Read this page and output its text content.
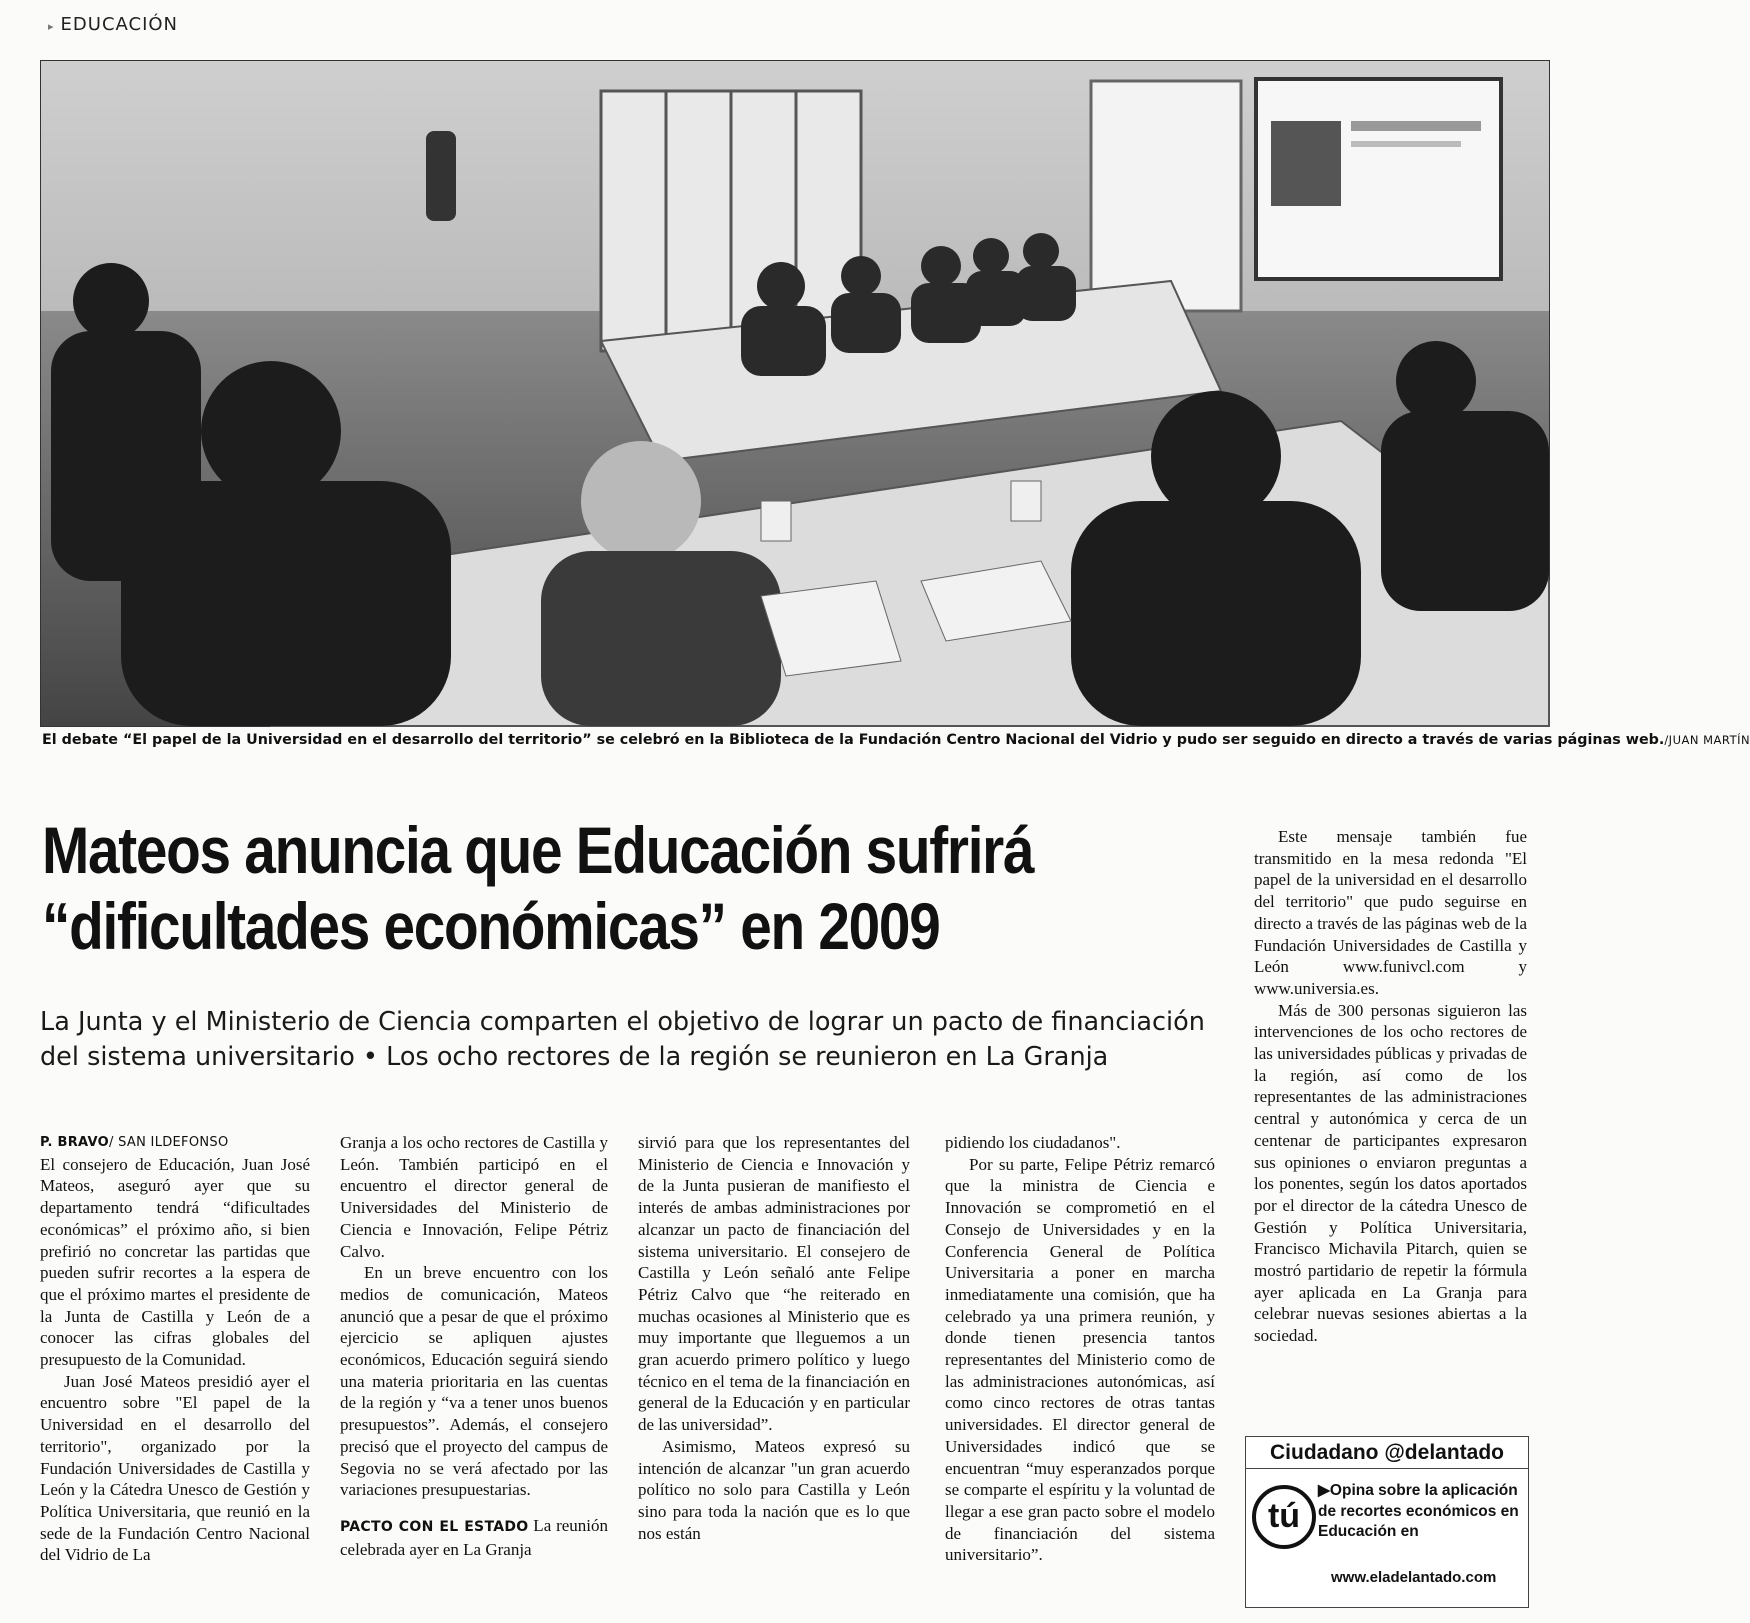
▸ EDUCACIÓN
El debate “El papel de la Universidad en el desarrollo del territorio” se celebró en la Biblioteca de la Fundación Centro Nacional del Vidrio y pudo ser seguido en directo a través de varias páginas web./JUAN MARTÍN
Mateos anuncia que Educación sufrirá
“dificultades económicas” en 2009

La Junta y el Ministerio de Ciencia comparten el objetivo de lograr un pacto de financiación del sistema universitario • Los ocho rectores de la región se reunieron en La Granja

P. BRAVO/ SAN ILDEFONSO

El consejero de Educación, Juan José Mateos, aseguró ayer que su departamento tendrá “dificultades económicas” el próximo año, si bien prefirió no concretar las partidas que pueden sufrir recortes a la espera de que el próximo martes el presidente de la Junta de Castilla y León de a conocer las cifras globales del presupuesto de la Comunidad.

Juan José Mateos presidió ayer el encuentro sobre "El papel de la Universidad en el desarrollo del territorio", organizado por la Fundación Universidades de Castilla y León y la Cátedra Unesco de Gestión y Política Universitaria, que reunió en la sede de la Fundación Centro Nacional del Vidrio de La

Granja a los ocho rectores de Castilla y León. También participó en el encuentro el director general de Universidades del Ministerio de Ciencia e Innovación, Felipe Pétriz Calvo.

En un breve encuentro con los medios de comunicación, Mateos anunció que a pesar de que el próximo ejercicio se apliquen ajustes económicos, Educación seguirá siendo una materia prioritaria en las cuentas de la región y “va a tener unos buenos presupuestos”. Además, el consejero precisó que el proyecto del campus de Segovia no se verá afectado por las variaciones presupuestarias.

PACTO CON EL ESTADO La reunión celebrada ayer en La Granja

sirvió para que los representantes del Ministerio de Ciencia e Innovación y de la Junta pusieran de manifiesto el interés de ambas administraciones por alcanzar un pacto de financiación del sistema universitario. El consejero de Castilla y León señaló ante Felipe Pétriz Calvo que “he reiterado en muchas ocasiones al Ministerio que es muy importante que lleguemos a un gran acuerdo primero político y luego técnico en el tema de la financiación en general de la Educación y en particular de las universidad”.

Asimismo, Mateos expresó su intención de alcanzar "un gran acuerdo político no solo para Castilla y León sino para toda la nación que es lo que nos están

pidiendo los ciudadanos".

Por su parte, Felipe Pétriz remarcó que la ministra de Ciencia e Innovación se comprometió en el Consejo de Universidades y en la Conferencia General de Política Universitaria a poner en marcha inmediatamente una comisión, que ha celebrado ya una primera reunión, y donde tienen presencia tantos representantes del Ministerio como de las administraciones autonómicas, así como cinco rectores de otras tantas universidades. El director general de Universidades indicó que se encuentran “muy esperanzados porque se comparte el espíritu y la voluntad de llegar a ese gran pacto sobre el modelo de financiación del sistema universitario”.

Este mensaje también fue transmitido en la mesa redonda "El papel de la universidad en el desarrollo del territorio" que pudo seguirse en directo a través de las páginas web de la Fundación Universidades de Castilla y León www.funivcl.com y www.universia.es.

Más de 300 personas siguieron las intervenciones de los ocho rectores de las universidades públicas y privadas de la región, así como de los representantes de las administraciones central y autonómica y cerca de un centenar de participantes expresaron sus opiniones o enviaron preguntas a los ponentes, según los datos aportados por el director de la cátedra Unesco de Gestión y Política Universitaria, Francisco Michavila Pitarch, quien se mostró partidario de repetir la fórmula ayer aplicada en La Granja para celebrar nuevas sesiones abiertas a la sociedad.

Ciudadano @delantado
tú
▶Opina sobre la aplicación de recortes económicos en Educación en
www.eladelantado.com
